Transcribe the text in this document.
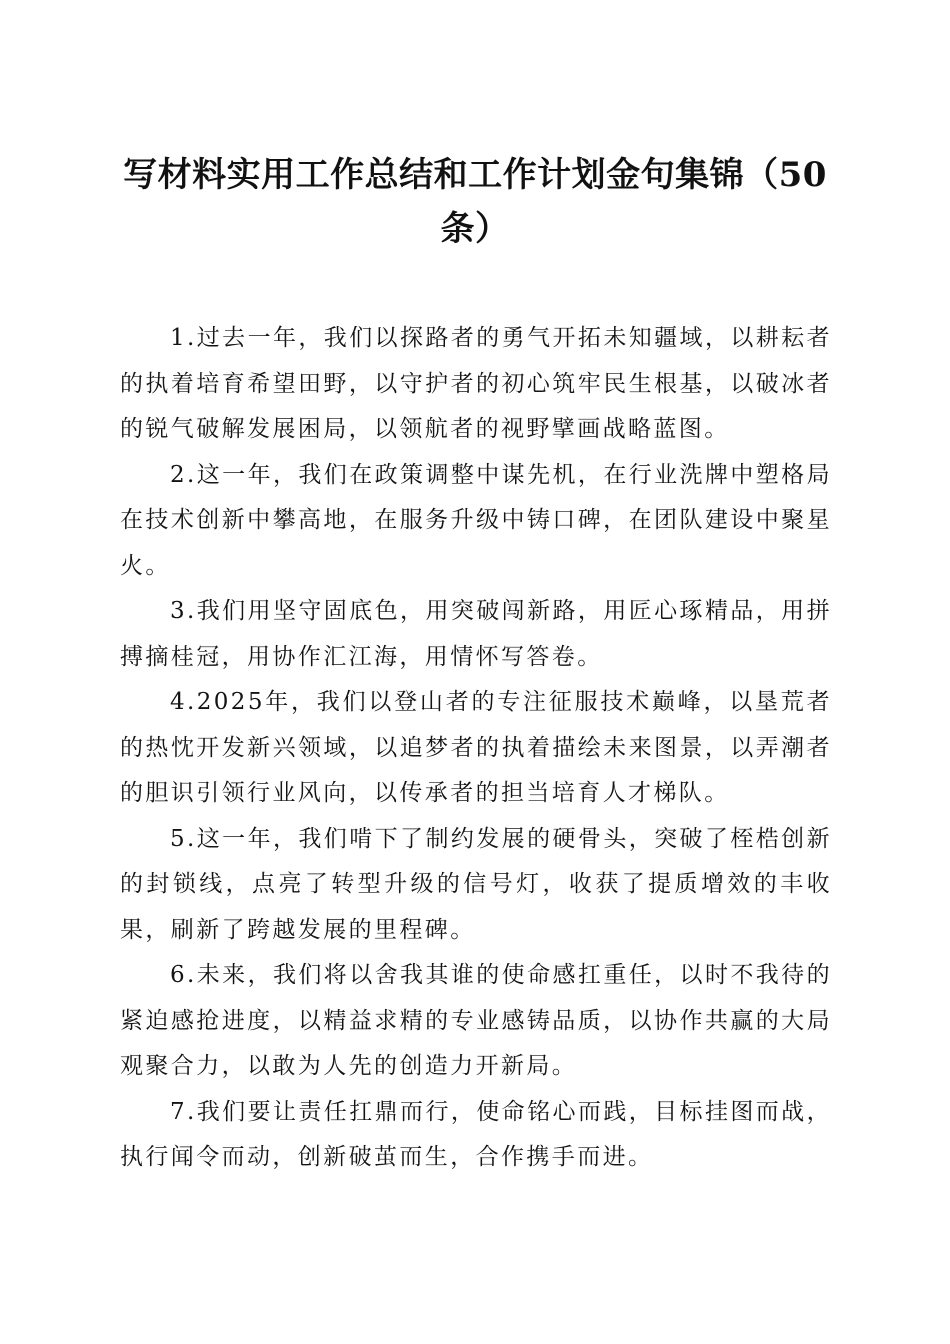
写材料实用工作总结和工作计划金句集锦（50条）

1.过去一年，我们以探路者的勇气开拓未知疆域，以耕耘者的执着培育希望田野，以守护者的初心筑牢民生根基，以破冰者的锐气破解发展困局，以领航者的视野擘画战略蓝图。

2.这一年，我们在政策调整中谋先机，在行业洗牌中塑格局在技术创新中攀高地，在服务升级中铸口碑，在团队建设中聚星火。

3.我们用坚守固底色，用突破闯新路，用匠心琢精品，用拼搏摘桂冠，用协作汇江海，用情怀写答卷。

4.2025年，我们以登山者的专注征服技术巅峰，以垦荒者的热忱开发新兴领域，以追梦者的执着描绘未来图景，以弄潮者的胆识引领行业风向，以传承者的担当培育人才梯队。

5.这一年，我们啃下了制约发展的硬骨头，突破了桎梏创新的封锁线，点亮了转型升级的信号灯，收获了提质增效的丰收果，刷新了跨越发展的里程碑。

6.未来，我们将以舍我其谁的使命感扛重任，以时不我待的紧迫感抢进度，以精益求精的专业感铸品质，以协作共赢的大局观聚合力，以敢为人先的创造力开新局。

7.我们要让责任扛鼎而行，使命铭心而践，目标挂图而战，执行闻令而动，创新破茧而生，合作携手而进。
